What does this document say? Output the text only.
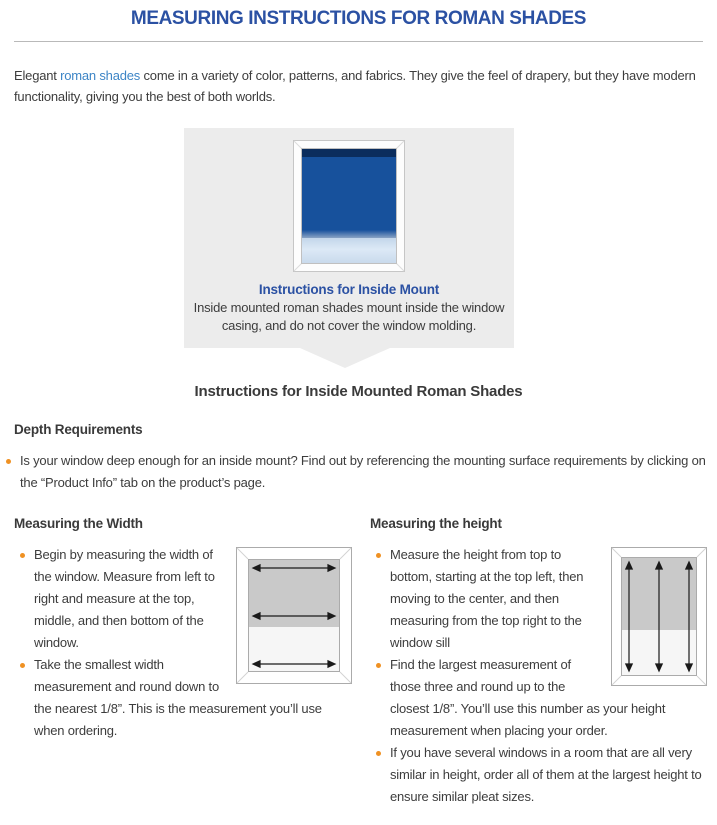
MEASURING INSTRUCTIONS FOR ROMAN SHADES

Elegant roman shades come in a variety of color, patterns, and fabrics. They give the feel of drapery, but they have modern functionality, giving you the best of both worlds.

Instructions for Inside Mount
Inside mounted roman shades mount inside the window casing, and do not cover the window molding.
Instructions for Inside Mounted Roman Shades
Depth Requirements
Is your window deep enough for an inside mount? Find out by referencing the mounting surface requirements by clicking on the “Product Info” tab on the product’s page.
Measuring the Width
Begin by measuring the width of the window. Measure from left to right and measure at the top, middle, and then bottom of the window.
Take the smallest width measurement and round down to the nearest 1/8”. This is the measurement you’ll use when ordering.
Measuring the height
Measure the height from top to bottom, starting at the top left, then moving to the center, and then measuring from the top right to the window sill
Find the largest measurement of those three and round up to the closest 1/8”. You’ll use this number as your height measurement when placing your order.
If you have several windows in a room that are all very similar in height, order all of them at the largest height to ensure similar pleat sizes.
